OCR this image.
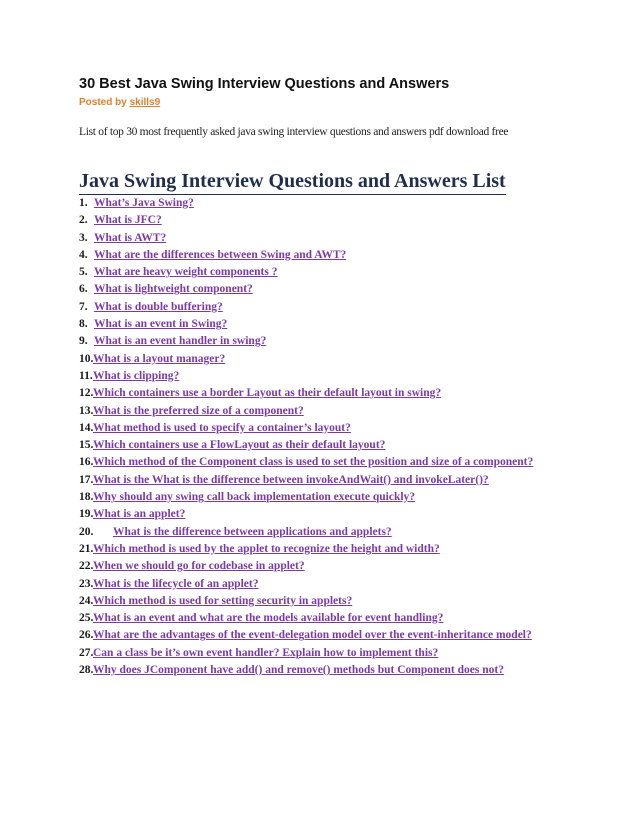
30 Best Java Swing Interview Questions and Answers
Posted by skills9
List of top 30 most frequently asked java swing interview questions and answers pdf download free
Java Swing Interview Questions and Answers List
1. What’s Java Swing?
2. What is JFC?
3. What is AWT?
4. What are the differences between Swing and AWT?
5. What are heavy weight components ?
6. What is lightweight component?
7. What is double buffering?
8. What is an event in Swing?
9. What is an event handler in swing?
10. What is a layout manager?
11. What is clipping?
12. Which containers use a border Layout as their default layout in swing?
13. What is the preferred size of a component?
14. What method is used to specify a container’s layout?
15. Which containers use a FlowLayout as their default layout?
16. Which method of the Component class is used to set the position and size of a component?
17. What is the What is the difference between invokeAndWait() and invokeLater()?
18. Why should any swing call back implementation execute quickly?
19. What is an applet?
20.	What is the difference between applications and applets?
21. Which method is used by the applet to recognize the height and width?
22. When we should go for codebase in applet?
23. What is the lifecycle of an applet?
24. Which method is used for setting security in applets?
25. What is an event and what are the models available for event handling?
26. What are the advantages of the event-delegation model over the event-inheritance model?
27. Can a class be it’s own event handler? Explain how to implement this?
28. Why does JComponent have add() and remove() methods but Component does not?
